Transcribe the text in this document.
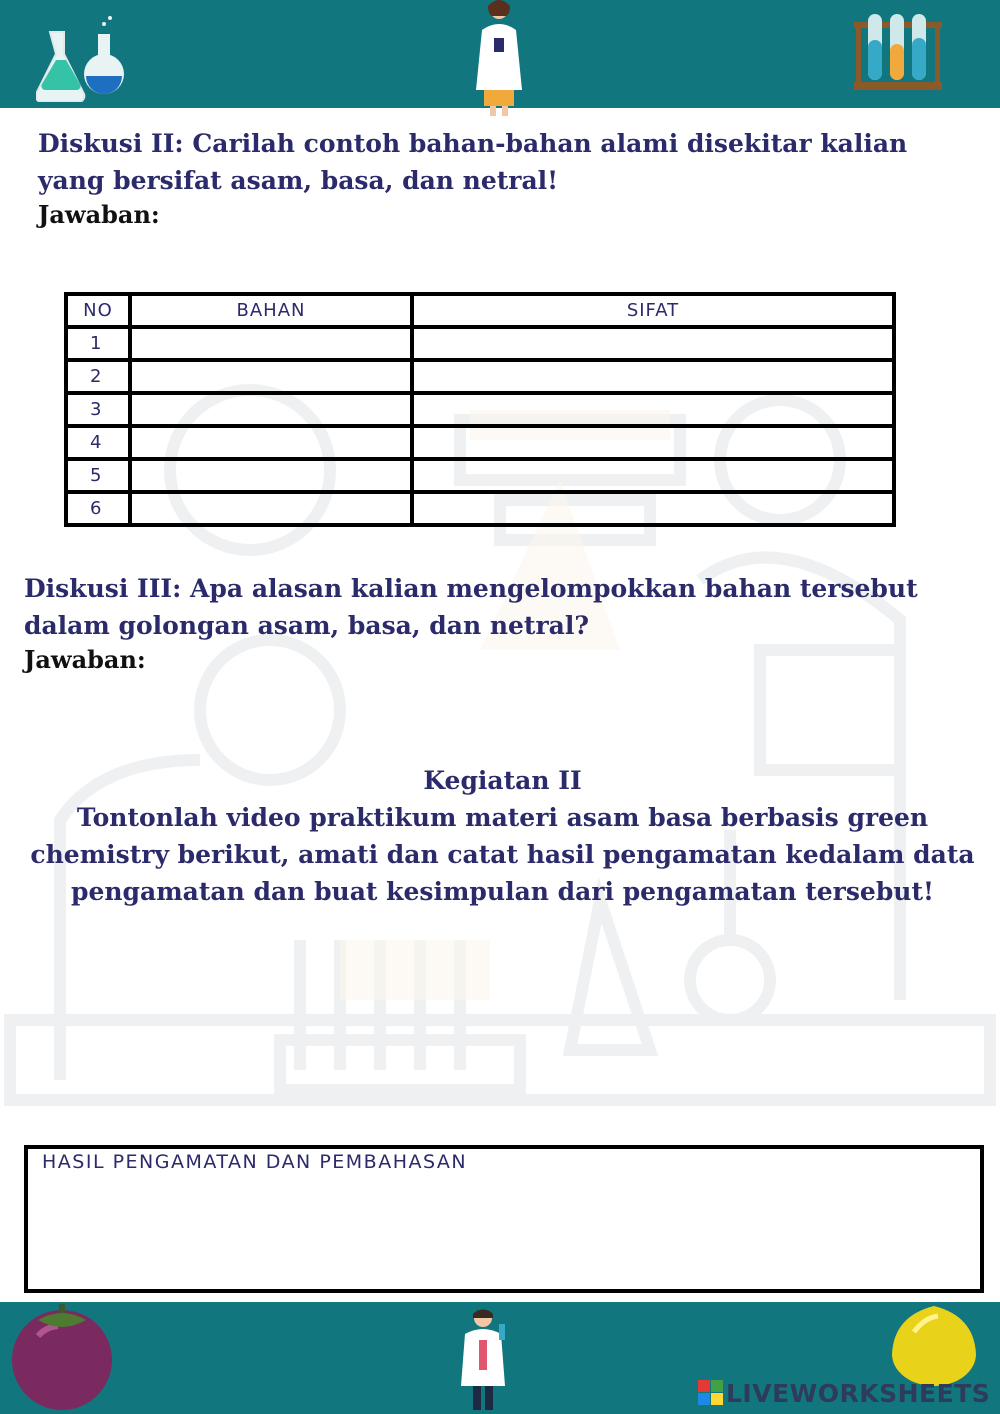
Diskusi II: Carilah contoh bahan-bahan alami disekitar kalian
yang bersifat asam, basa, dan netral!

Jawaban:

NO	BAHAN	SIFAT
1		
2		
3		
4		
5		
6		
Diskusi III: Apa alasan kalian mengelompokkan bahan tersebut
dalam golongan asam, basa, dan netral?

Jawaban:

Kegiatan II

Tontonlah video praktikum materi asam basa berbasis green

chemistry berikut, amati dan catat hasil pengamatan kedalam data

pengamatan dan buat kesimpulan dari pengamatan tersebut!

HASIL PENGAMATAN DAN PEMBAHASAN
LIVEWORKSHEETS
